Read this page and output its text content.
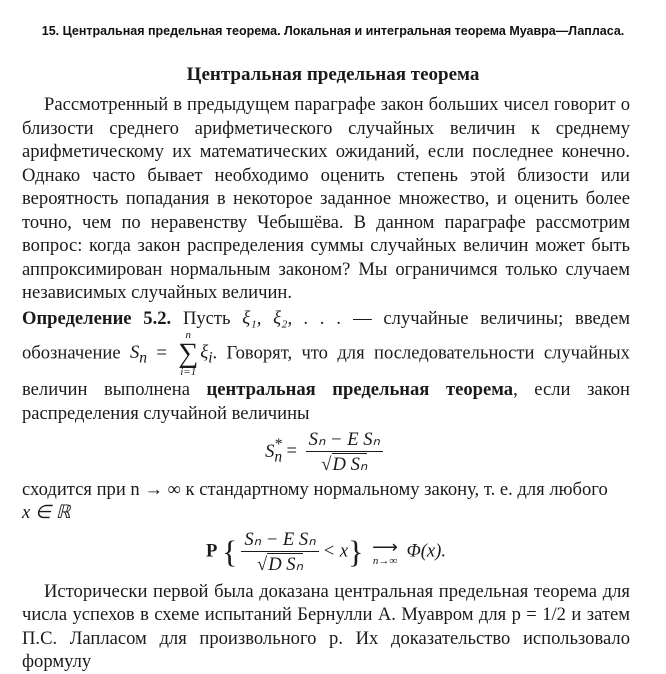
15. Центральная предельная теорема. Локальная и интегральная теорема Муавра—Лапласа.
Центральная предельная теорема

Рассмотренный в предыдущем параграфе закон больших чисел говорит о близости среднего арифметического случайных величин к среднему арифметическому их математических ожиданий, если последнее конечно. Однако часто бывает необходимо оценить степень этой близости или вероятность попадания в некоторое заданное множество, и оценить более точно, чем по неравенству Чебышёва. В данном параграфе рассмотрим вопрос: когда закон распределения суммы случайных величин может быть аппроксимирован нормальным законом? Мы ограничимся только случаем независимых случайных величин.

Определение 5.2. Пусть ξ₁, ξ₂, . . . — случайные величины; введем обозначение $S_n$ =
n
∑
i=1
$\xi_i$. Говорят, что для последовательности случайных величин выполнена центральная предельная теорема, если закон распределения случайной величины

$S_n^* = \frac{\text{Sₙ − E Sₙ}}{\text{√D Sₙ}}$

сходится при n → ∞ к стандартному нормальному закону, т. е. для любого
x ∈ ℝ

P { $\frac{\text{Sₙ − E Sₙ}}{\text{√D Sₙ}} < x$} ⟶
n→∞ Φ(x).

Исторически первой была доказана центральная предельная теорема для числа успехов в схеме испытаний Бернулли А. Муавром для p = 1/2 и затем П.С. Лапласом для произвольного p. Их доказательство использовало формулу
